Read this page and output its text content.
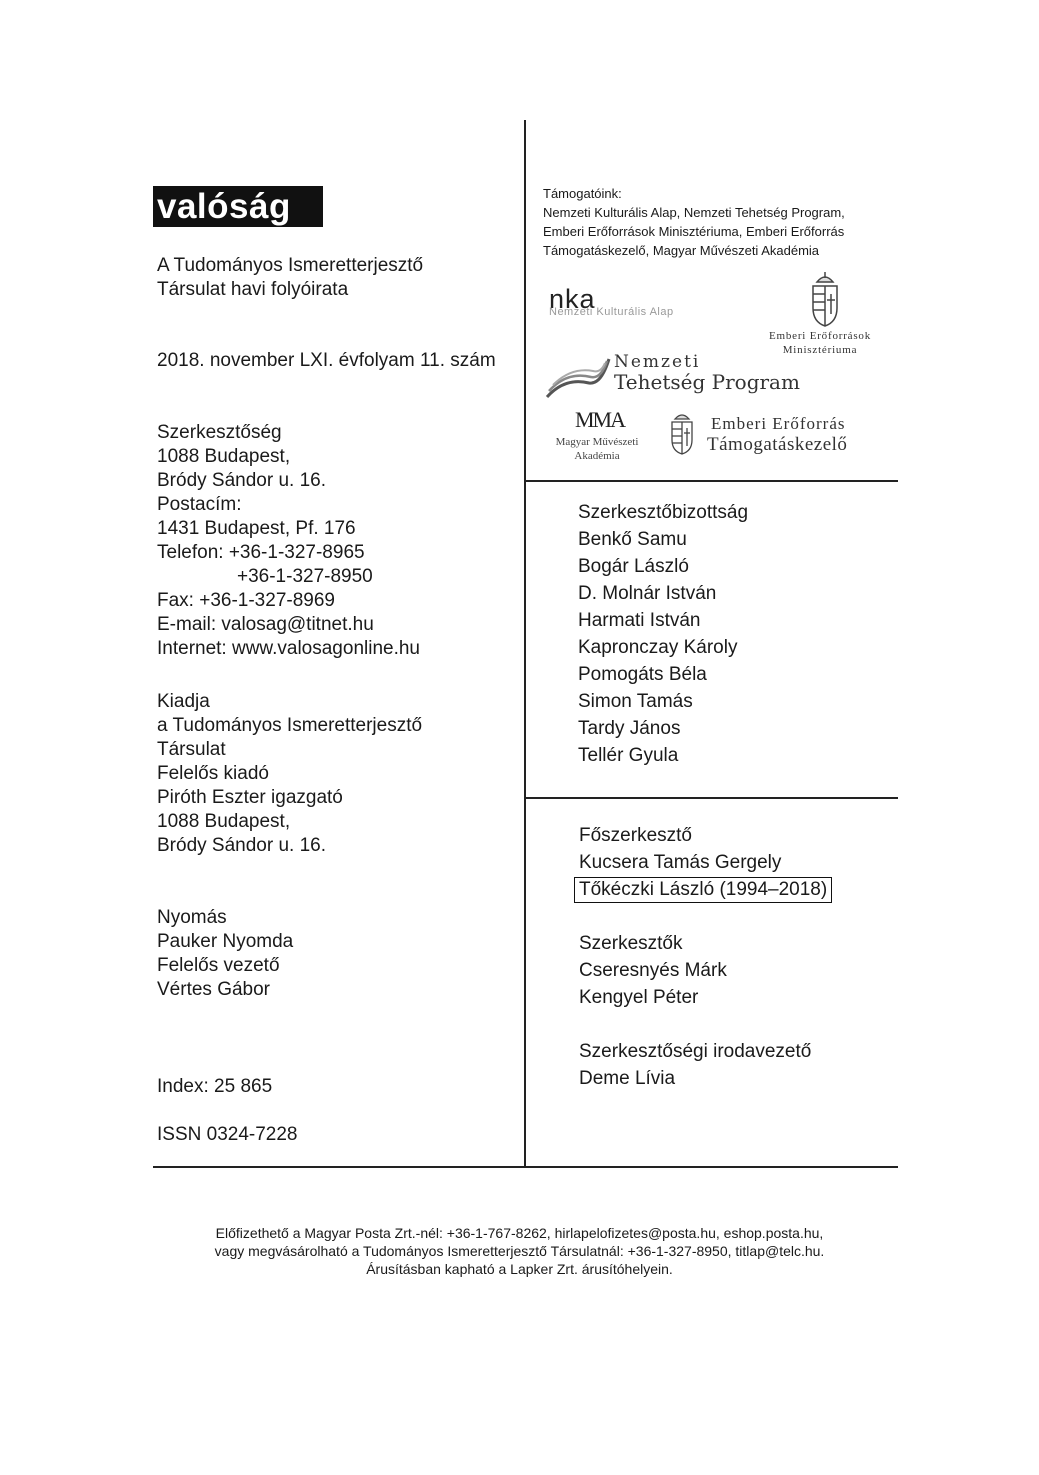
valóság
A Tudományos Ismeretterjesztő
Társulat havi folyóirata
2018. november LXI. évfolyam 11. szám
Szerkesztőség
1088 Budapest,
Bródy Sándor u. 16.
Postacím:
1431 Budapest, Pf. 176
Telefon: +36-1-327-8965
+36-1-327-8950
Fax: +36-1-327-8969
E-mail: valosag@titnet.hu
Internet: www.valosagonline.hu
Kiadja
a Tudományos Ismeretterjesztő
Társulat
Felelős kiadó
Piróth Eszter igazgató
1088 Budapest,
Bródy Sándor u. 16.
Nyomás
Pauker Nyomda
Felelős vezető
Vértes Gábor
Index: 25 865
ISSN 0324-7228
Támogatóink:
Nemzeti Kulturális Alap, Nemzeti Tehetség Program,
Emberi Erőforrások Minisztériuma, Emberi Erőforrás
Támogatáskezelő, Magyar Művészeti Akadémia
nka
Nemzeti Kulturális Alap
Emberi Erőforrások
Minisztériuma
Nemzeti
Tehetség Program
MMA
Magyar Művészeti
Akadémia
Emberi Erőforrás
Támogatáskezelő
Szerkesztőbizottság
Benkő Samu
Bogár László
D. Molnár István
Harmati István
Kapronczay Károly
Pomogáts Béla
Simon Tamás
Tardy János
Tellér Gyula
Főszerkesztő
Kucsera Tamás Gergely
Tőkéczki László (1994–2018)
Szerkesztők
Cseresnyés Márk
Kengyel Péter
Szerkesztőségi irodavezető
Deme Lívia
Előfizethető a Magyar Posta Zrt.-nél: +36-1-767-8262, hirlapelofizetes@posta.hu, eshop.posta.hu,
vagy megvásárolható a Tudományos Ismeretterjesztő Társulatnál: +36-1-327-8950, titlap@telc.hu.
Árusításban kapható a Lapker Zrt. árusítóhelyein.
